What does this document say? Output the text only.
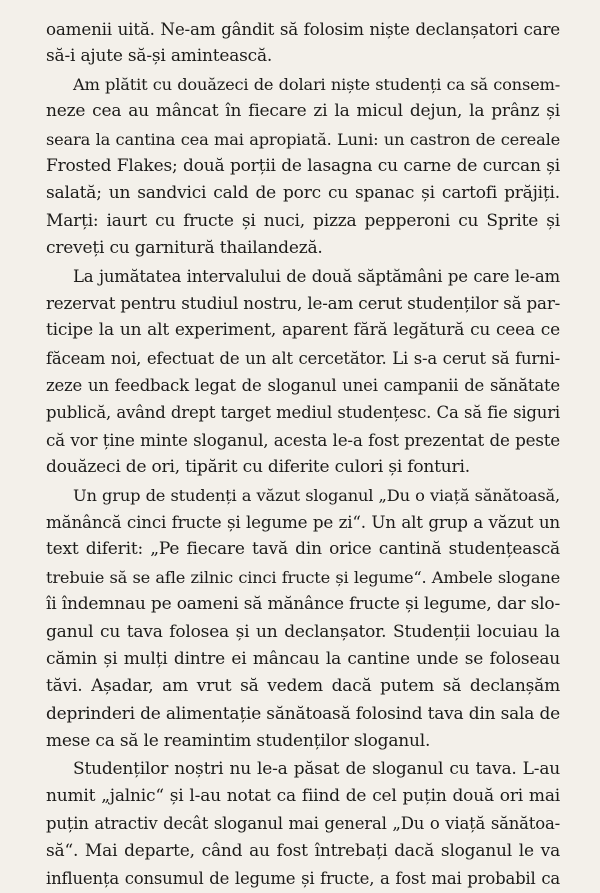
oamenii uită. Ne-am gândit să folosim niște declanșatori care
să-i ajute să-și amintească.
Am plătit cu douăzeci de dolari niște studenți ca să consem-
neze cea au mâncat în fiecare zi la micul dejun, la prânz și
seara la cantina cea mai apropiată. Luni: un castron de cereale
Frosted Flakes; două porții de lasagna cu carne de curcan și
salată; un sandvici cald de porc cu spanac și cartofi prăjiți.
Marți: iaurt cu fructe și nuci, pizza pepperoni cu Sprite și
creveți cu garnitură thailandeză.
La jumătatea intervalului de două săptămâni pe care le-am
rezervat pentru studiul nostru, le-am cerut studenților să par-
ticipe la un alt experiment, aparent fără legătură cu ceea ce
făceam noi, efectuat de un alt cercetător. Li s-a cerut să furni-
zeze un feedback legat de sloganul unei campanii de sănătate
publică, având drept target mediul studențesc. Ca să fie siguri
că vor ține minte sloganul, acesta le-a fost prezentat de peste
douăzeci de ori, tipărit cu diferite culori și fonturi.
Un grup de studenți a văzut sloganul „Du o viață sănătoasă,
mănâncă cinci fructe și legume pe zi“. Un alt grup a văzut un
text diferit: „Pe fiecare tavă din orice cantină studențească
trebuie să se afle zilnic cinci fructe și legume“. Ambele slogane
îi îndemnau pe oameni să mănânce fructe și legume, dar slo-
ganul cu tava folosea și un declanșator. Studenții locuiau la
cămin și mulți dintre ei mâncau la cantine unde se foloseau
tăvi. Așadar, am vrut să vedem dacă putem să declanșăm
deprinderi de alimentație sănătoasă folosind tava din sala de
mese ca să le reamintim studenților sloganul.
Studenților noștri nu le-a păsat de sloganul cu tava. L-au
numit „jalnic“ și l-au notat ca fiind de cel puțin două ori mai
puțin atractiv decât sloganul mai general „Du o viață sănătoa-
să“. Mai departe, când au fost întrebați dacă sloganul le va
influența consumul de legume și fructe, a fost mai probabil ca
